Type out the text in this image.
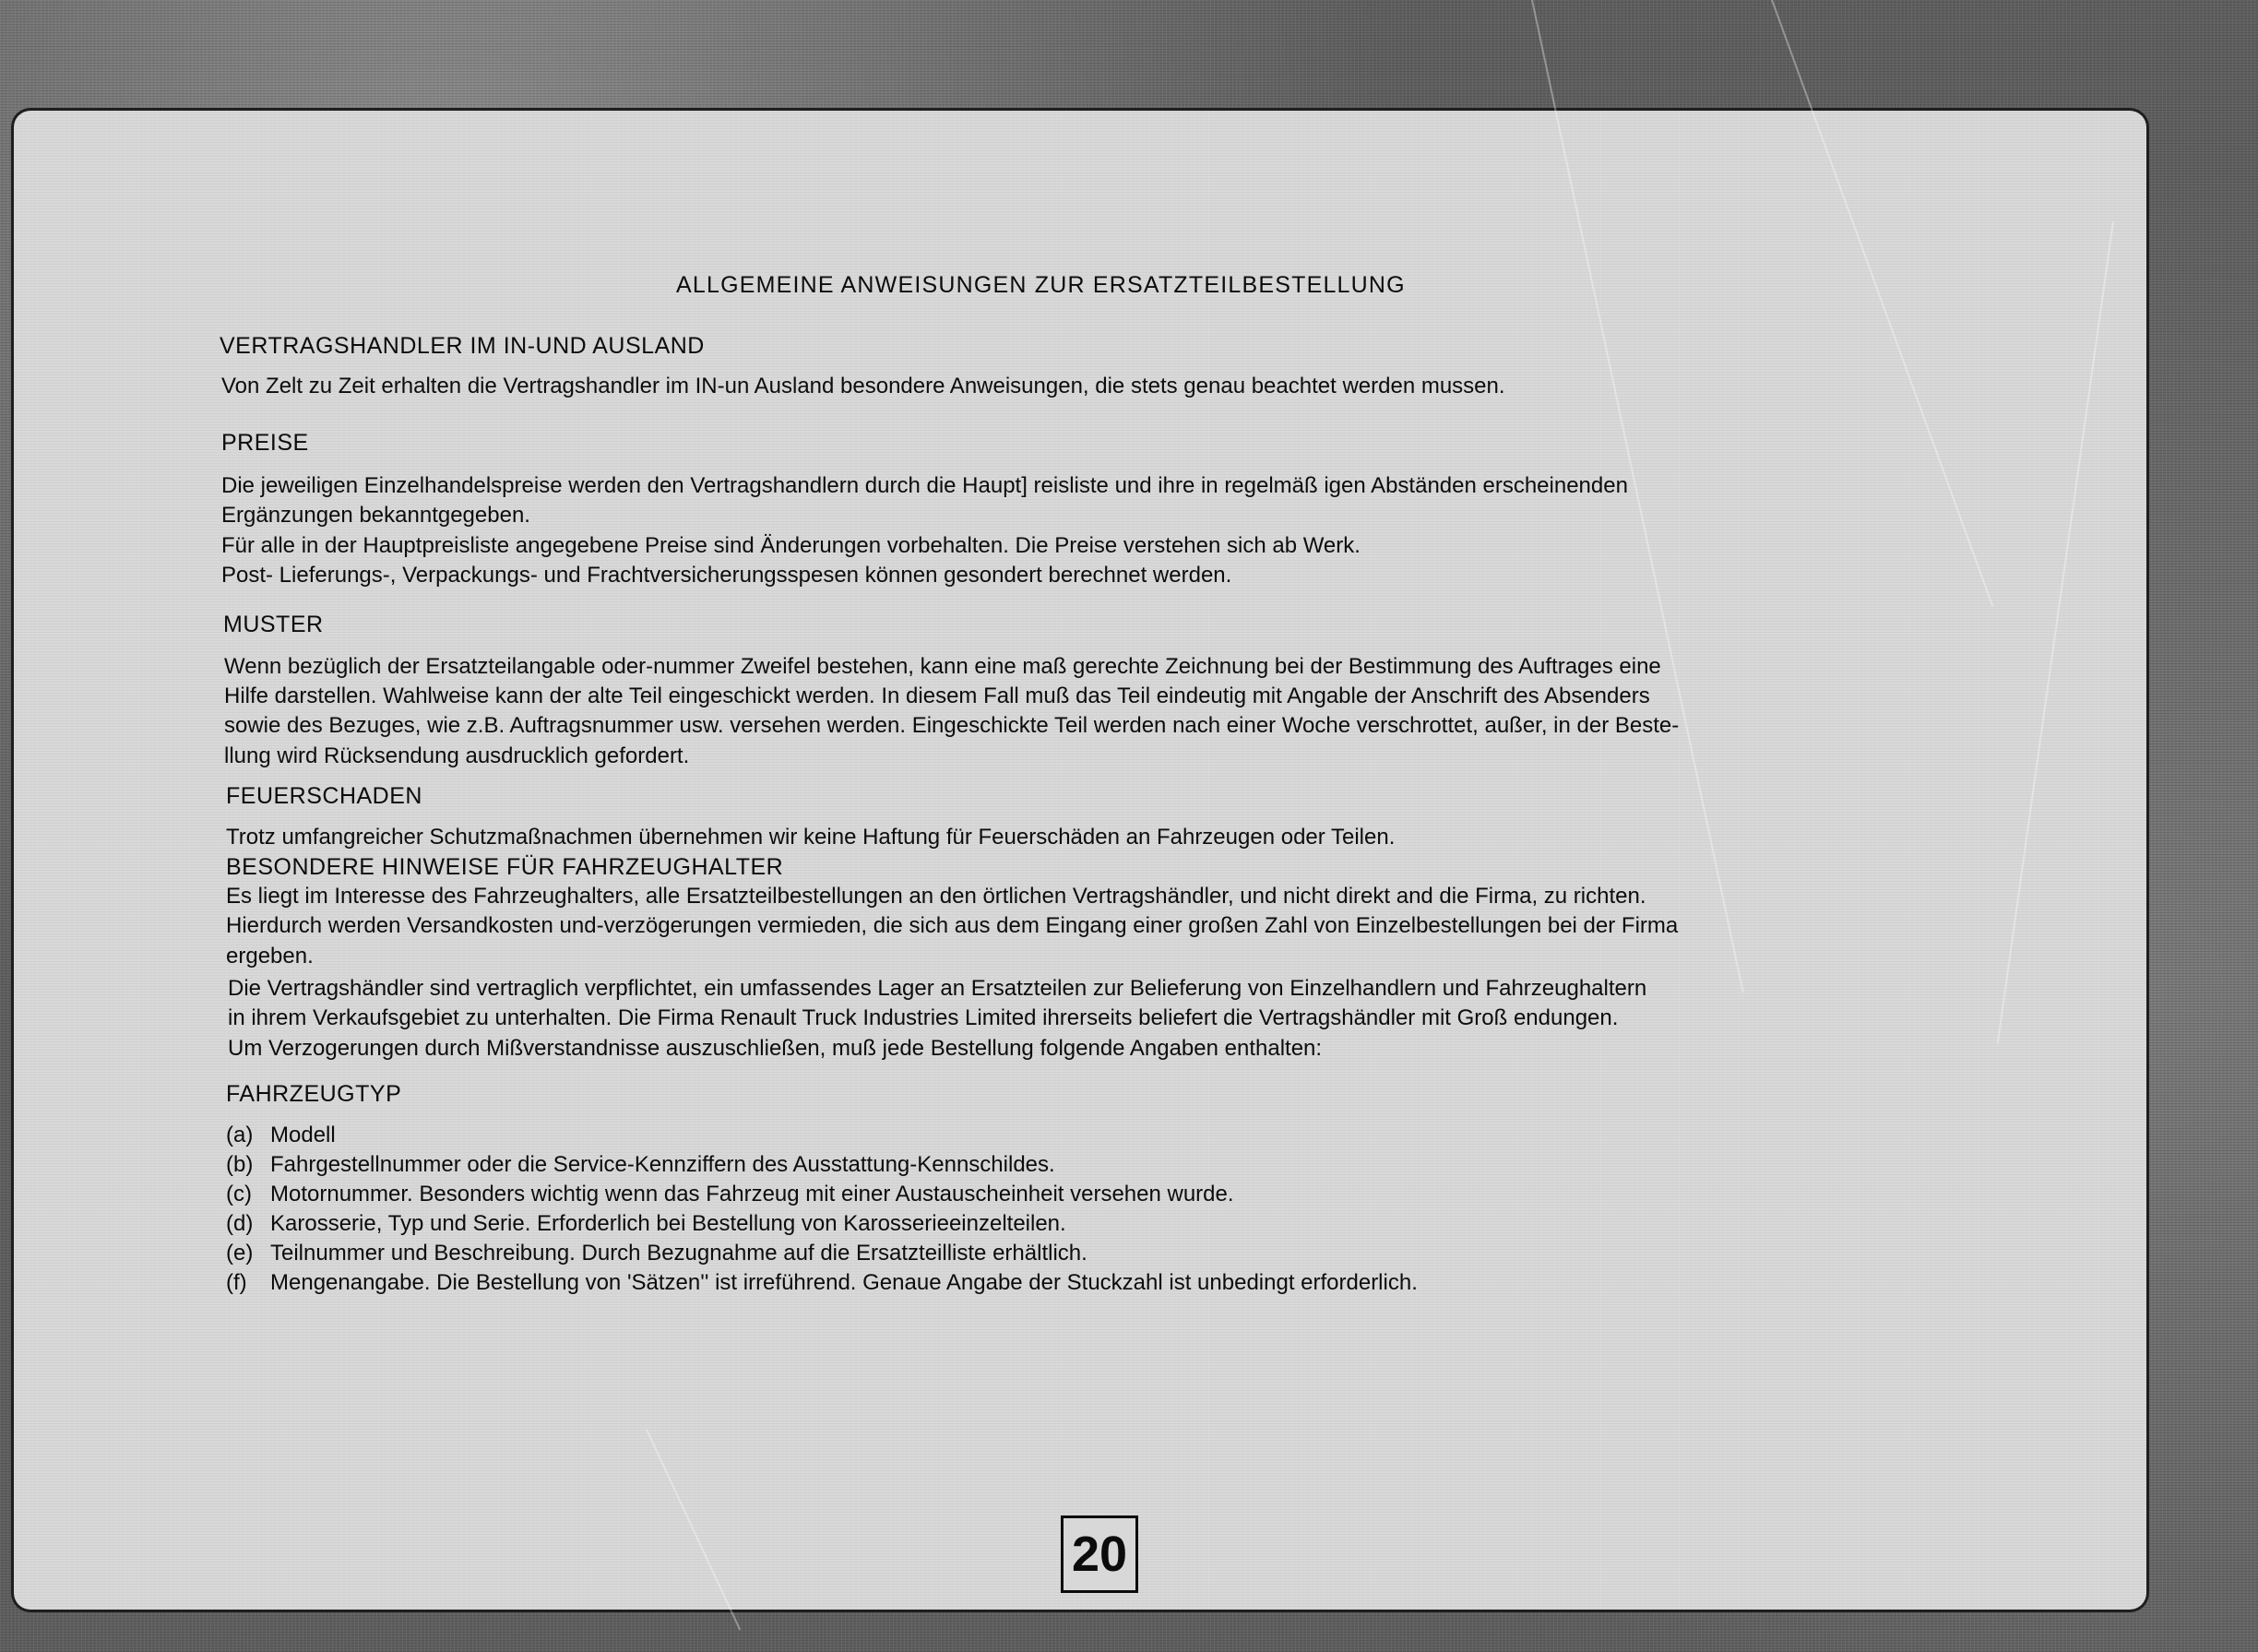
ALLGEMEINE ANWEISUNGEN ZUR ERSATZTEILBESTELLUNG
VERTRAGSHANDLER IM IN-UND AUSLAND
Von Zelt zu Zeit erhalten die Vertragshandler im IN-un Ausland besondere Anweisungen, die stets genau beachtet werden mussen.
PREISE
Die jeweiligen Einzelhandelspreise werden den Vertragshandlern durch die Haupt] reisliste und ihre in regelmäß igen Abständen erscheinenden
Ergänzungen bekanntgegeben.
Für alle in der Hauptpreisliste angegebene Preise sind Änderungen vorbehalten. Die Preise verstehen sich ab Werk.
Post- Lieferungs-, Verpackungs- und Frachtversicherungsspesen können gesondert berechnet werden.
MUSTER
Wenn bezüglich der Ersatzteilangable oder-nummer Zweifel bestehen, kann eine maß gerechte Zeichnung bei der Bestimmung des Auftrages eine
Hilfe darstellen. Wahlweise kann der alte Teil eingeschickt werden. In diesem Fall muß das Teil eindeutig mit Angable der Anschrift des Absenders
sowie des Bezuges, wie z.B. Auftragsnummer usw. versehen werden. Eingeschickte Teil werden nach einer Woche verschrottet, außer, in der Beste-
llung wird Rücksendung ausdrucklich gefordert.
FEUERSCHADEN
Trotz umfangreicher Schutzmaßnachmen übernehmen wir keine Haftung für Feuerschäden an Fahrzeugen oder Teilen.
BESONDERE HINWEISE FÜR FAHRZEUGHALTER
Es liegt im Interesse des Fahrzeughalters, alle Ersatzteilbestellungen an den örtlichen Vertragshändler, und nicht direkt and die Firma, zu richten.
Hierdurch werden Versandkosten und-verzögerungen vermieden, die sich aus dem Eingang einer großen Zahl von Einzelbestellungen bei der Firma
ergeben.
Die Vertragshändler sind vertraglich verpflichtet, ein umfassendes Lager an Ersatzteilen zur Belieferung von Einzelhandlern und Fahrzeughaltern
in ihrem Verkaufsgebiet zu unterhalten. Die Firma Renault Truck Industries Limited ihrerseits beliefert die Vertragshändler mit Groß endungen.
Um Verzogerungen durch Mißverstandnisse auszuschließen, muß jede Bestellung folgende Angaben enthalten:
FAHRZEUGTYP
(a) Modell
(b) Fahrgestellnummer oder die Service-Kennziffern des Ausstattung-Kennschildes.
(c) Motornummer. Besonders wichtig wenn das Fahrzeug mit einer Austauscheinheit versehen wurde.
(d) Karosserie, Typ und Serie. Erforderlich bei Bestellung von Karosserieeinzelteilen.
(e) Teilnummer und Beschreibung. Durch Bezugnahme auf die Ersatzteilliste erhältlich.
(f)	Mengenangabe. Die Bestellung von 'Sätzen'' ist irreführend. Genaue Angabe der Stuckzahl ist unbedingt erforderlich.
20
